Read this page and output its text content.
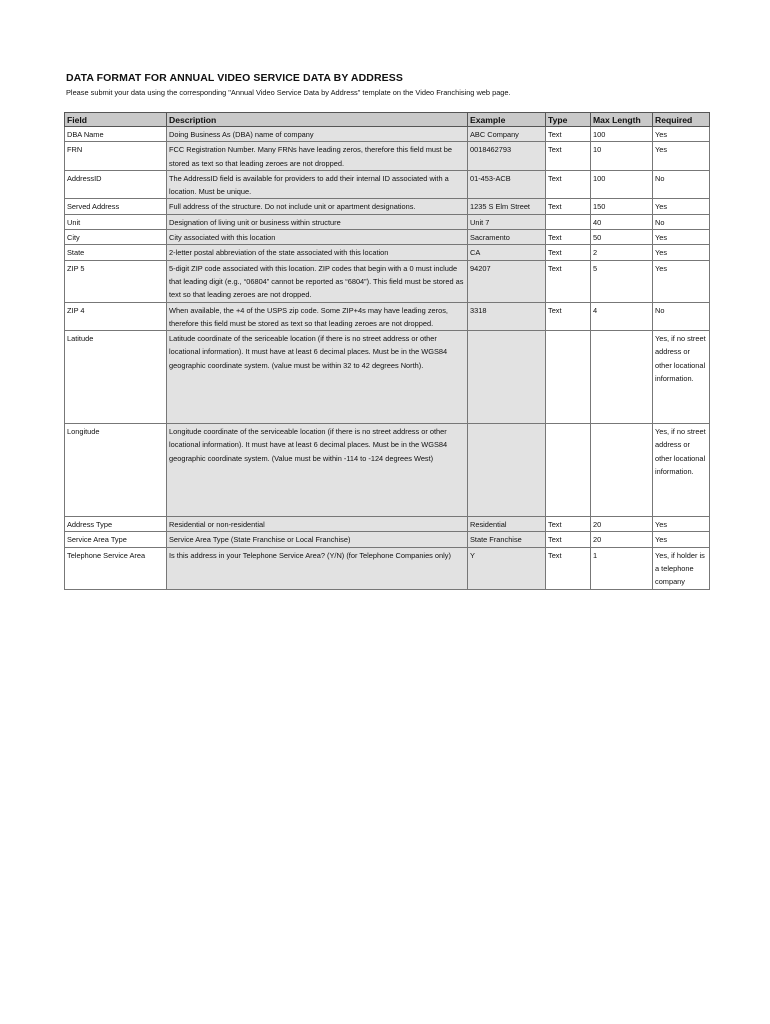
DATA FORMAT FOR ANNUAL VIDEO SERVICE DATA BY ADDRESS
Please submit your data using the corresponding "Annual Video Service Data by Address" template on the Video Franchising web page.
Field	Description	Example	Type	Max Length	Required
DBA Name	Doing Business As (DBA) name of company	ABC Company	Text	100	Yes
FRN	FCC Registration Number. Many FRNs have leading zeros, therefore this field must be stored as text so that leading zeroes are not dropped.	0018462793	Text	10	Yes
AddressID	The AddressID field is available for providers to add their internal ID associated with a location. Must be unique.	01-453-ACB	Text	100	No
Served Address	Full address of the structure. Do not include unit or apartment designations.	1235 S Elm Street	Text	150	Yes
Unit	Designation of living unit or business within structure	Unit 7		40	No
City	City associated with this location	Sacramento	Text	50	Yes
State	2-letter postal abbreviation of the state associated with this location	CA	Text	2	Yes
ZIP 5	5-digit ZIP code associated with this location. ZIP codes that begin with a 0 must include that leading digit (e.g., “06804” cannot be reported as “6804”). This field must be stored as text so that leading zeroes are not dropped.	94207	Text	5	Yes
ZIP 4	When available, the +4 of the USPS zip code. Some ZIP+4s may have leading zeros, therefore this field must be stored as text so that leading zeroes are not dropped.	3318	Text	4	No
Latitude	Latitude coordinate of the sericeable location (if there is no street address or other locational information). It must have at least 6 decimal places. Must be in the WGS84 geographic coordinate system. (value must be within 32 to 42 degrees North).				Yes, if no street address or other locational information.
Longitude	Longitude coordinate of the serviceable location (if there is no street address or other locational information). It must have at least 6 decimal places. Must be in the WGS84 geographic coordinate system. (Value must be within -114 to -124 degrees West)				Yes, if no street address or other locational information.
Address Type	Residential or non-residential	Residential	Text	20	Yes
Service Area Type	Service Area Type (State Franchise or Local Franchise)	State Franchise	Text	20	Yes
Telephone Service Area	Is this address in your Telephone Service Area? (Y/N) (for Telephone Companies only)	Y	Text	1	Yes, if holder is a telephone company
